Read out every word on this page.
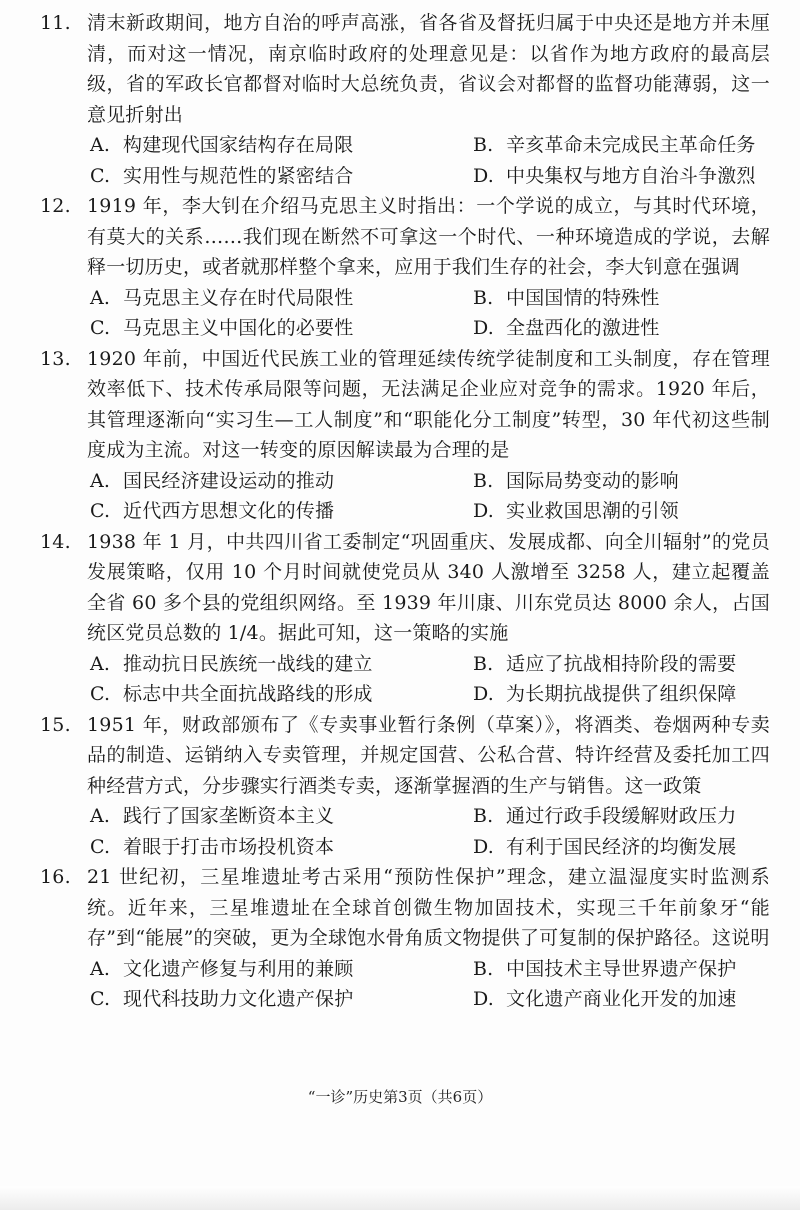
11. 清末新政期间，地方自治的呼声高涨，省各省及督抚归属于中央还是地方并未厘清，而对这一情况，南京临时政府的处理意见是：以省作为地方政府的最高层级，省的军政长官都督对临时大总统负责，省议会对都督的监督功能薄弱，这一意见折射出
A. 构建现代国家结构存在局限	B. 辛亥革命未完成民主革命任务
C. 实用性与规范性的紧密结合	D. 中央集权与地方自治斗争激烈
12. 1919 年，李大钊在介绍马克思主义时指出：一个学说的成立，与其时代环境，有莫大的关系……我们现在断然不可拿这一个时代、一种环境造成的学说，去解释一切历史，或者就那样整个拿来，应用于我们生存的社会，李大钊意在强调
A. 马克思主义存在时代局限性	B. 中国国情的特殊性
C. 马克思主义中国化的必要性	D. 全盘西化的激进性
13. 1920 年前，中国近代民族工业的管理延续传统学徒制度和工头制度，存在管理效率低下、技术传承局限等问题，无法满足企业应对竞争的需求。1920 年后，其管理逐渐向“实习生—工人制度”和“职能化分工制度”转型，30 年代初这些制度成为主流。对这一转变的原因解读最为合理的是
A. 国民经济建设运动的推动	B. 国际局势变动的影响
C. 近代西方思想文化的传播	D. 实业救国思潮的引领
14. 1938 年 1 月，中共四川省工委制定“巩固重庆、发展成都、向全川辐射”的党员发展策略，仅用 10 个月时间就使党员从 340 人激增至 3258 人，建立起覆盖全省 60 多个县的党组织网络。至 1939 年川康、川东党员达 8000 余人，占国统区党员总数的 1/4。据此可知，这一策略的实施
A. 推动抗日民族统一战线的建立	B. 适应了抗战相持阶段的需要
C. 标志中共全面抗战路线的形成	D. 为长期抗战提供了组织保障
15. 1951 年，财政部颁布了《专卖事业暂行条例（草案）》，将酒类、卷烟两种专卖品的制造、运销纳入专卖管理，并规定国营、公私合营、特许经营及委托加工四种经营方式，分步骤实行酒类专卖，逐渐掌握酒的生产与销售。这一政策
A. 践行了国家垄断资本主义	B. 通过行政手段缓解财政压力
C. 着眼于打击市场投机资本	D. 有利于国民经济的均衡发展
16. 21 世纪初，三星堆遗址考古采用“预防性保护”理念，建立温湿度实时监测系统。近年来，三星堆遗址在全球首创微生物加固技术，实现三千年前象牙“能存”到“能展”的突破，更为全球饱水骨角质文物提供了可复制的保护路径。这说明
A. 文化遗产修复与利用的兼顾	B. 中国技术主导世界遗产保护
C. 现代科技助力文化遗产保护	D. 文化遗产商业化开发的加速
“一诊”历史第3页（共6页）
